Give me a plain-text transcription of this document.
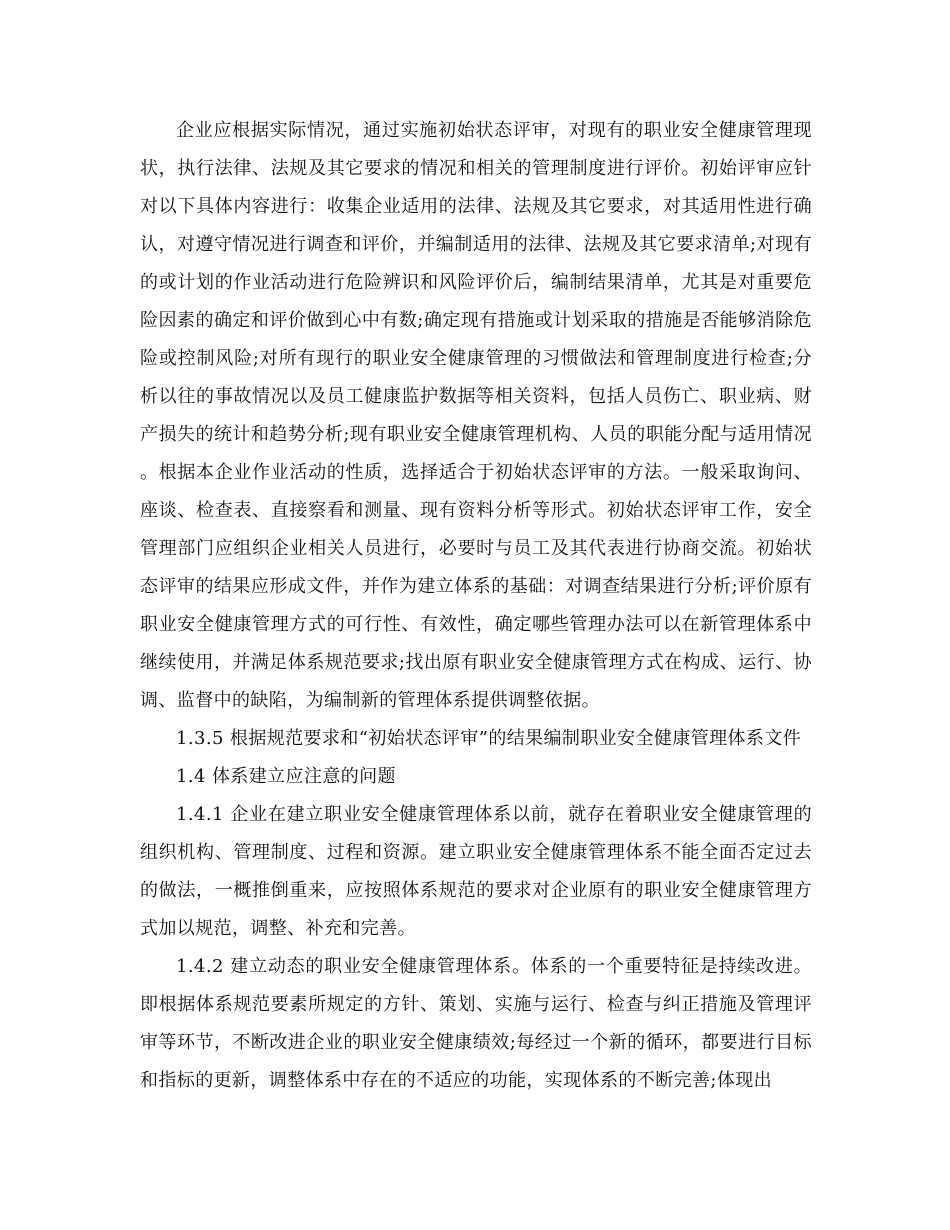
企业应根据实际情况，通过实施初始状态评审，对现有的职业安全健康管理现状，执行法律、法规及其它要求的情况和相关的管理制度进行评价。初始评审应针对以下具体内容进行：收集企业适用的法律、法规及其它要求，对其适用性进行确认，对遵守情况进行调查和评价，并编制适用的法律、法规及其它要求清单;对现有的或计划的作业活动进行危险辨识和风险评价后，编制结果清单，尤其是对重要危险因素的确定和评价做到心中有数;确定现有措施或计划采取的措施是否能够消除危险或控制风险;对所有现行的职业安全健康管理的习惯做法和管理制度进行检查;分析以往的事故情况以及员工健康监护数据等相关资料，包括人员伤亡、职业病、财产损失的统计和趋势分析;现有职业安全健康管理机构、人员的职能分配与适用情况。根据本企业作业活动的性质，选择适合于初始状态评审的方法。一般采取询问、座谈、检查表、直接察看和测量、现有资料分析等形式。初始状态评审工作，安全管理部门应组织企业相关人员进行，必要时与员工及其代表进行协商交流。初始状态评审的结果应形成文件，并作为建立体系的基础：对调查结果进行分析;评价原有职业安全健康管理方式的可行性、有效性，确定哪些管理办法可以在新管理体系中继续使用，并满足体系规范要求;找出原有职业安全健康管理方式在构成、运行、协调、监督中的缺陷，为编制新的管理体系提供调整依据。

1.3.5 根据规范要求和“初始状态评审”的结果编制职业安全健康管理体系文件

1.4 体系建立应注意的问题

1.4.1 企业在建立职业安全健康管理体系以前，就存在着职业安全健康管理的组织机构、管理制度、过程和资源。建立职业安全健康管理体系不能全面否定过去的做法，一概推倒重来，应按照体系规范的要求对企业原有的职业安全健康管理方式加以规范，调整、补充和完善。

1.4.2 建立动态的职业安全健康管理体系。体系的一个重要特征是持续改进。即根据体系规范要素所规定的方针、策划、实施与运行、检查与纠正措施及管理评审等环节，不断改进企业的职业安全健康绩效;每经过一个新的循环，都要进行目标和指标的更新，调整体系中存在的不适应的功能，实现体系的不断完善;体现出
